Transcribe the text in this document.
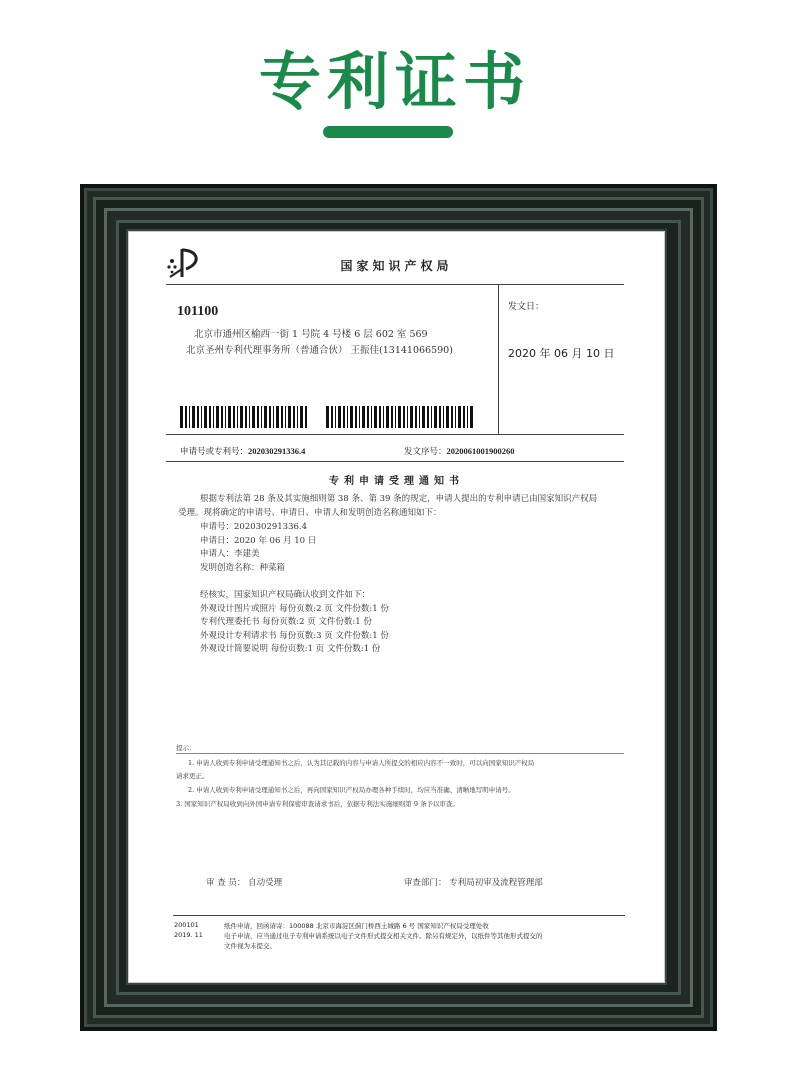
专利证书
国家知识产权局
101100
北京市通州区榆西一街 1 号院 4 号楼 6 层 602 室 569
北京圣州专利代理事务所（普通合伙） 王振佳(13141066590)
发文日：
2020 年 06 月 10 日
申请号或专利号：202030291336.4	发文序号：2020061001900260
专利申请受理通知书
根据专利法第 28 条及其实施细则第 38 条、第 39 条的规定，申请人提出的专利申请已由国家知识产权局
受理。现将确定的申请号、申请日、申请人和发明创造名称通知如下：
申请号：202030291336.4
申请日：2020 年 06 月 10 日
申请人：李建美
发明创造名称：种菜箱
经核实，国家知识产权局确认收到文件如下：
外观设计图片或照片 每份页数:2 页 文件份数:1 份
专利代理委托书 每份页数:2 页 文件份数:1 份
外观设计专利请求书 每份页数:3 页 文件份数:1 份
外观设计简要说明 每份页数:1 页 文件份数:1 份
提示：
1. 申请人收到专利申请受理通知书之后，认为其记载的内容与申请人所提交的相应内容不一致时，可以向国家知识产权局
请求更正。
2. 申请人收到专利申请受理通知书之后，再向国家知识产权局办理各种手续时，均应当准确、清晰地写明申请号。
3. 国家知识产权局收到向外国申请专利保密审查请求书后，依据专利法实施细则第 9 条予以审查。
审 查 员： 自动受理	审查部门： 专利局初审及流程管理部
200101
2019. 11
纸件申请，回函请寄：100088 北京市海淀区蓟门桥西土城路 6 号 国家知识产权局受理处收
电子申请，应当通过电子专利申请系统以电子文件形式提交相关文件。除另有规定外，以纸件等其他形式提交的
文件视为未提交。
